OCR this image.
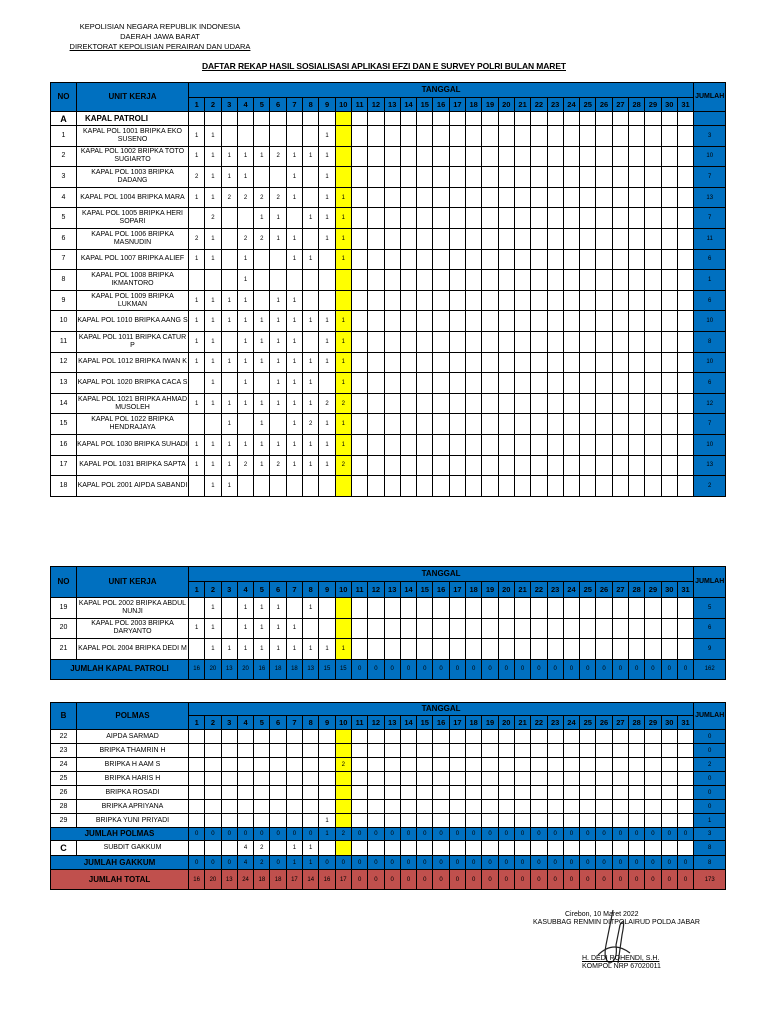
KEPOLISIAN NEGARA REPUBLIK INDONESIA
DAERAH JAWA BARAT
DIREKTORAT KEPOLISIAN PERAIRAN DAN UDARA
DAFTAR REKAP HASIL SOSIALISASI APLIKASI EFZI DAN E SURVEY POLRI BULAN MARET
NO	UNIT KERJA	TANGGAL																															JUMLAH
		1	2	3	4	5	6	7	8	9	10	11	12	13	14	15	16	17	18	19	20	21	22	23	24	25	26	27	28	29	30	31	
A	KAPAL PATROLI																																
1	KAPAL POL 1001 BRIPKA EKO SUSENO	1	1							1																							3
2	KAPAL POL 1002 BRIPKA TOTO SUGIARTO	1	1	1	1	1	2	1	1	1																							10
3	KAPAL POL 1003 BRIPKA DADANG	2	1	1	1			1		1																							7
4	KAPAL POL 1004 BRIPKA MARA	1	1	2	2	2	2	1		1	1																						13
5	KAPAL POL 1005 BRIPKA HERI SOPARI		2			1	1		1	1	1																						7
6	KAPAL POL 1006 BRIPKA MASNUDIN	2	1		2	2	1	1		1	1																						11
7	KAPAL POL 1007 BRIPKA ALIEF	1	1		1			1	1		1																						6
8	KAPAL POL 1008 BRIPKA IKMANTORO				1																												1
9	KAPAL POL 1009 BRIPKA LUKMAN	1	1	1	1		1	1																									6
10	KAPAL POL 1010 BRIPKA AANG S	1	1	1	1	1	1	1	1	1	1																						10
11	KAPAL POL 1011 BRIPKA CATUR P	1	1		1	1	1	1		1	1																						8
12	KAPAL POL 1012 BRIPKA IWAN K	1	1	1	1	1	1	1	1	1	1																						10
13	KAPAL POL 1020 BRIPKA CACA S		1		1		1	1	1		1																						6
14	KAPAL POL 1021 BRIPKA AHMAD MUSOLEH	1	1	1	1	1	1	1	1	2	2																						12
15	KAPAL POL 1022 BRIPKA HENDRAJAYA			1		1		1	2	1	1																						7
16	KAPAL POL 1030 BRIPKA SUHADI	1	1	1	1	1	1	1	1	1	1																						10
17	KAPAL POL 1031 BRIPKA SAPTA	1	1	1	2	1	2	1	1	1	2																						13
18	KAPAL POL 2001 AIPDA SABANDI		1	1																													2
NO	UNIT KERJA	TANGGAL																															JUMLAH
		1	2	3	4	5	6	7	8	9	10	11	12	13	14	15	16	17	18	19	20	21	22	23	24	25	26	27	28	29	30	31	
19	KAPAL POL 2002 BRIPKA ABDUL NUNJI		1		1	1	1		1																								5
20	KAPAL POL 2003 BRIPKA DARYANTO	1	1		1	1	1	1																									6
21	KAPAL POL 2004 BRIPKA DEDI M		1	1	1	1	1	1	1	1	1																						9
JUMLAH KAPAL PATROLI		16	20	13	20	16	18	18	13	15	15	0	0	0	0	0	0	0	0	0	0	0	0	0	0	0	0	0	0	0	0	0	162
B	POLMAS	TANGGAL																															JUMLAH
		1	2	3	4	5	6	7	8	9	10	11	12	13	14	15	16	17	18	19	20	21	22	23	24	25	26	27	28	29	30	31	
22	AIPDA SARMAD																																0
23	BRIPKA THAMRIN H																																0
24	BRIPKA H AAM S										2																						2
25	BRIPKA HARIS H																																0
26	BRIPKA ROSADI																																0
28	BRIPKA APRIYANA																																0
29	BRIPKA YUNI PRIYADI									1																							1
JUMLAH POLMAS		0	0	0	0	0	0	0	0	1	2	0	0	0	0	0	0	0	0	0	0	0	0	0	0	0	0	0	0	0	0	0	3
C	SUBDIT GAKKUM				4	2		1	1																								8
JUMLAH GAKKUM		0	0	0	4	2	0	1	1	0	0	0	0	0	0	0	0	0	0	0	0	0	0	0	0	0	0	0	0	0	0	0	8
JUMLAH TOTAL		16	20	13	24	18	18	17	14	16	17	0	0	0	0	0	0	0	0	0	0	0	0	0	0	0	0	0	0	0	0	0	173
Cirebon, 10 Maret 2022
KASUBBAG RENMIN DITPOLAIRUD POLDA JABAR
H. DEDI ROHENDI, S.H.
KOMPOL NRP 67020011
